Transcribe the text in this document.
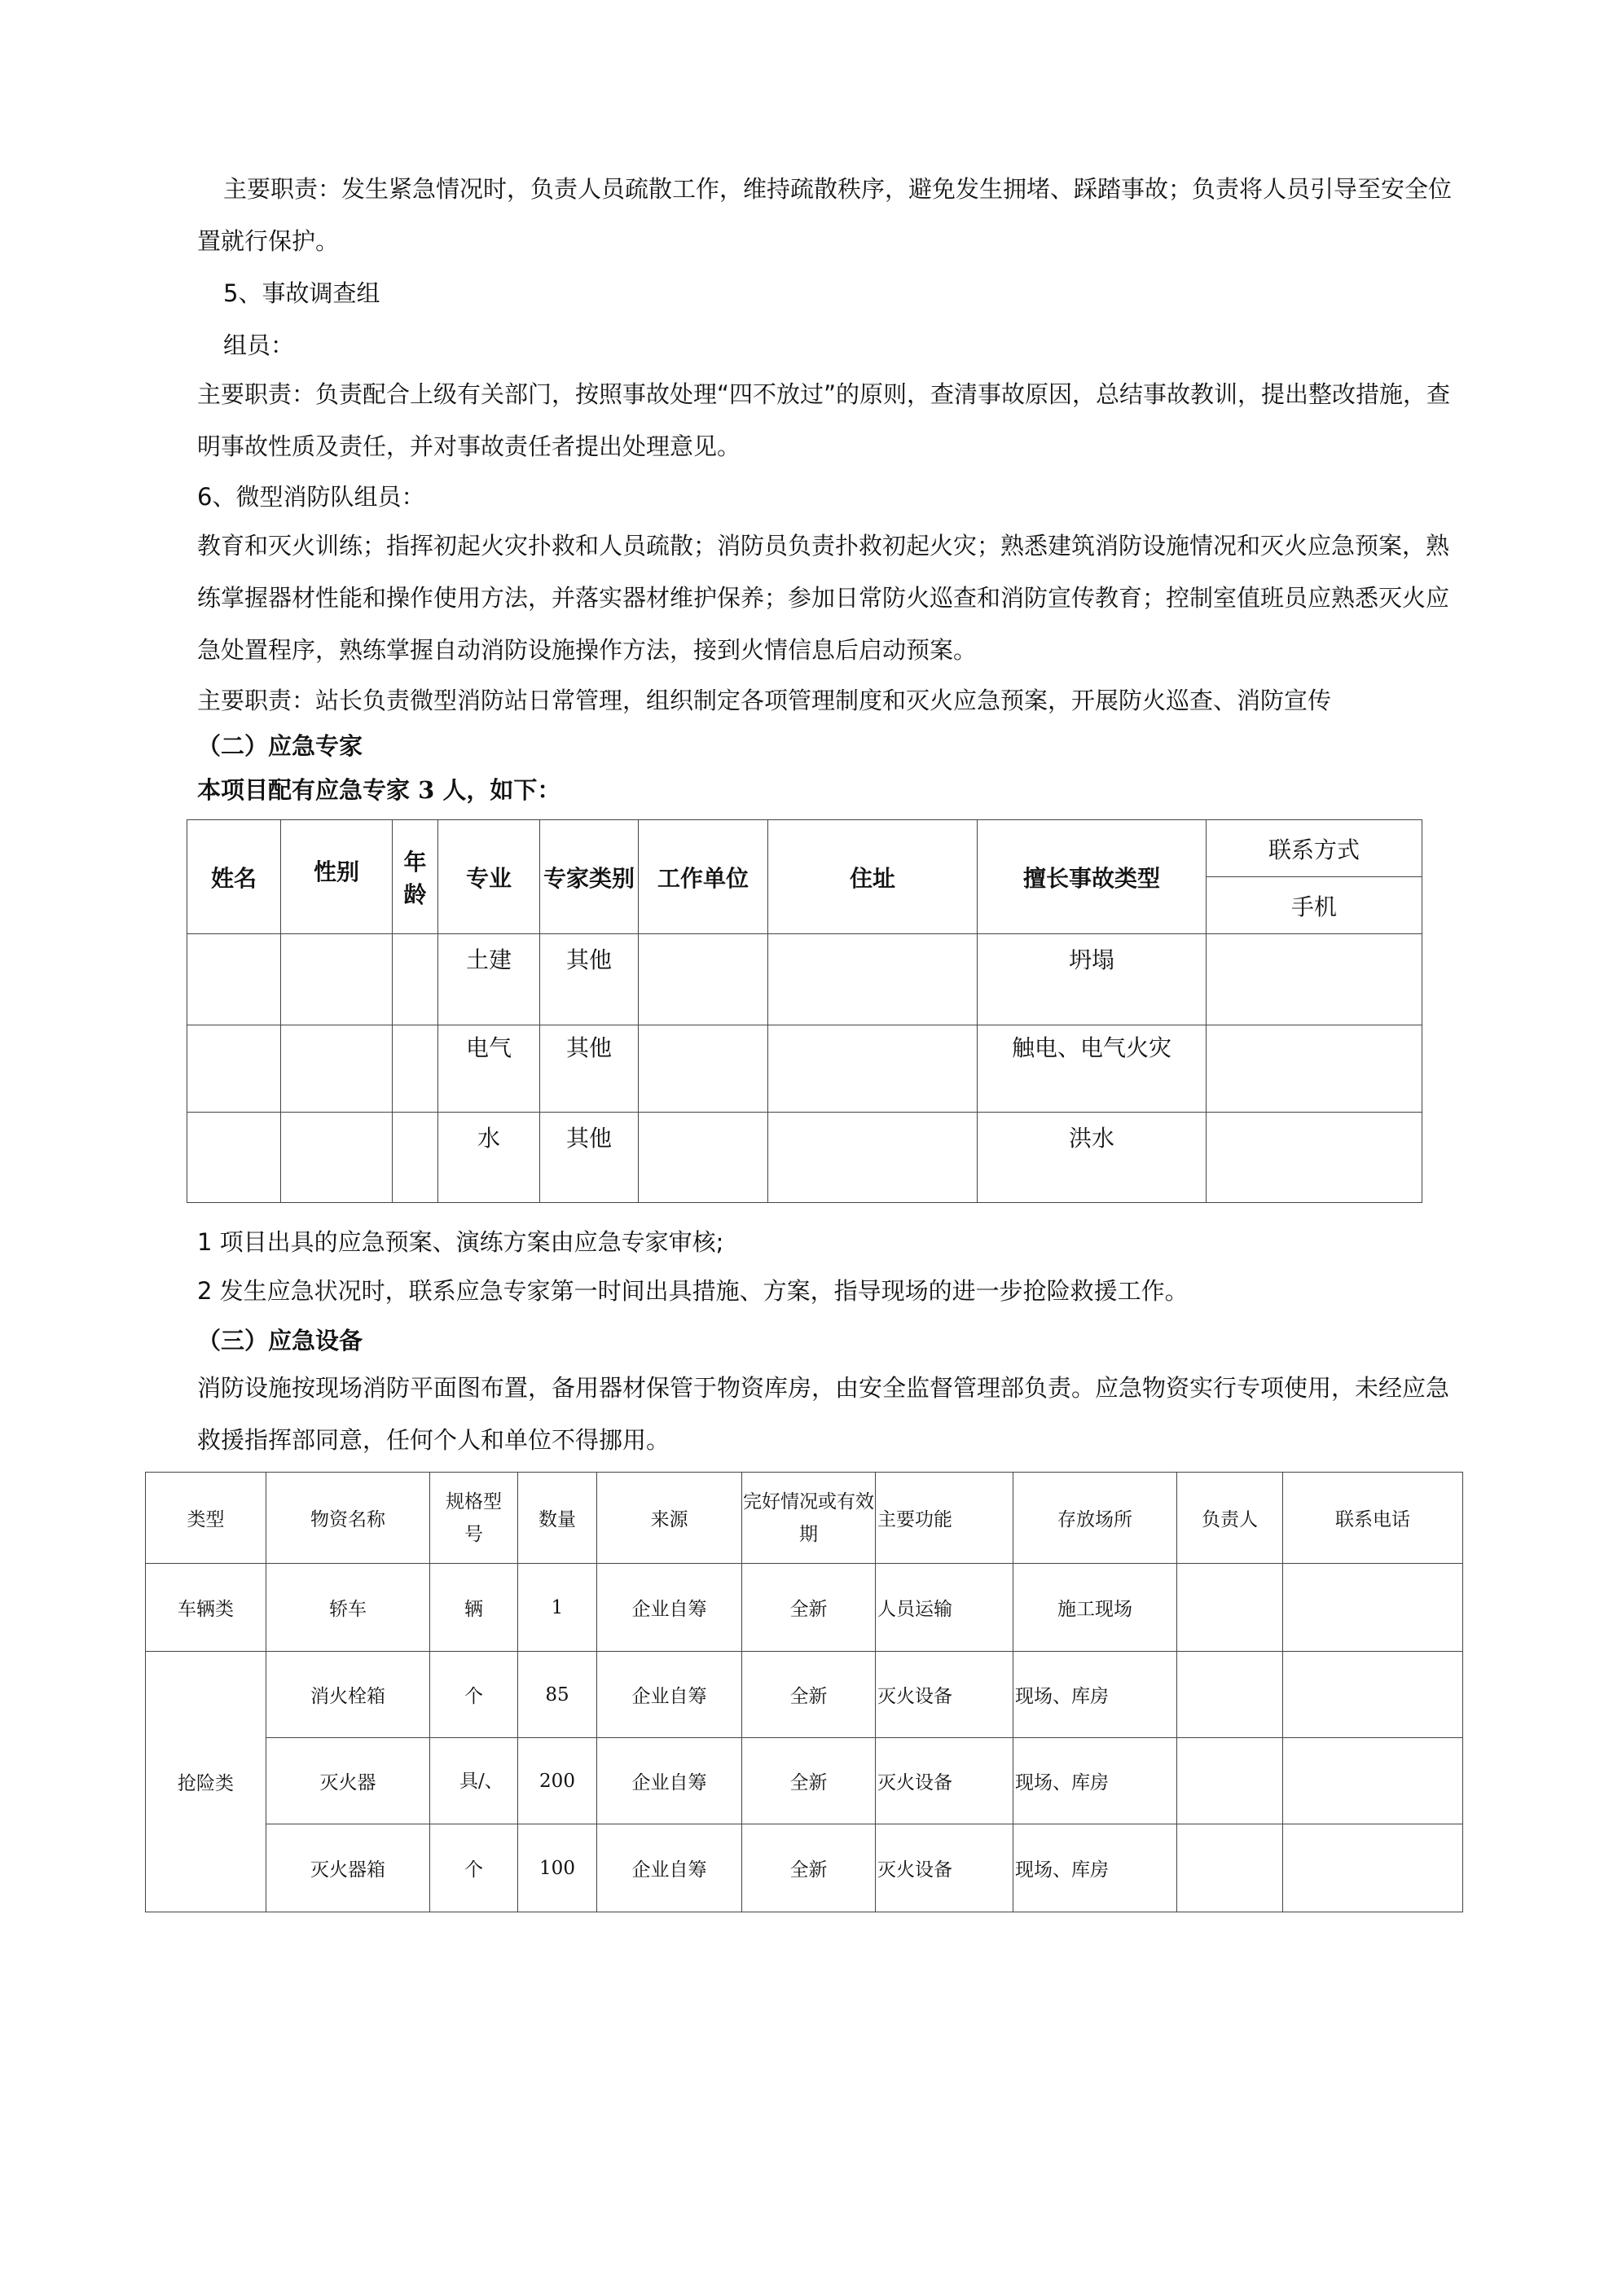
主要职责：发生紧急情况时，负责人员疏散工作，维持疏散秩序，避免发生拥堵、踩踏事故；负责将人员引导至安全位置就行保护。

5、事故调查组

组员：

主要职责：负责配合上级有关部门，按照事故处理“四不放过”的原则，查清事故原因，总结事故教训，提出整改措施，查明事故性质及责任，并对事故责任者提出处理意见。

6、微型消防队组员：

教育和灭火训练；指挥初起火灾扑救和人员疏散；消防员负责扑救初起火灾；熟悉建筑消防设施情况和灭火应急预案，熟练掌握器材性能和操作使用方法，并落实器材维护保养；参加日常防火巡查和消防宣传教育；控制室值班员应熟悉灭火应急处置程序，熟练掌握自动消防设施操作方法，接到火情信息后启动预案。

主要职责：站长负责微型消防站日常管理，组织制定各项管理制度和灭火应急预案，开展防火巡查、消防宣传

（二）应急专家

本项目配有应急专家 3 人，如下：

姓名	性别	年龄	专业	专家类别	工作单位	住址	擅长事故类型	联系方式
								手机
			土建	其他			坍塌	
			电气	其他			触电、电气火灾	
			水	其他			洪水	

1 项目出具的应急预案、演练方案由应急专家审核;

2 发生应急状况时，联系应急专家第一时间出具措施、方案，指导现场的进一步抢险救援工作。

（三）应急设备

消防设施按现场消防平面图布置，备用器材保管于物资库房，由安全监督管理部负责。应急物资实行专项使用，未经应急救援指挥部同意，任何个人和单位不得挪用。

类型	物资名称	规格型号	数量	来源	完好情况或有效期	主要功能	存放场所	负责人	联系电话
车辆类	轿车	辆	1	企业自筹	全新	人员运输	施工现场		
抢险类	消火栓箱	个	85	企业自筹	全新	灭火设备	现场、库房		
	灭火器	具/、	200	企业自筹	全新	灭火设备	现场、库房		
	灭火器箱	个	100	企业自筹	全新	灭火设备	现场、库房		
